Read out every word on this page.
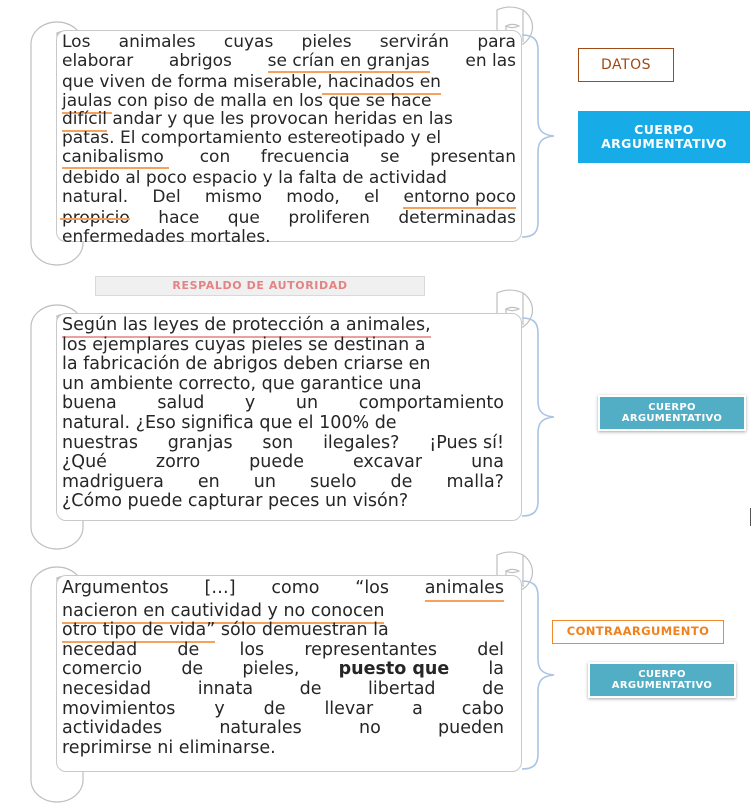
Los animales cuyas pieles servirán para
elaborar abrigos se crían en granjas en las
que viven de forma miserable, hacinados en
jaulas con piso de malla en los que se hace
difícil andar y que les provocan heridas en las
patas. El comportamiento estereotipado y el
canibalismo con frecuencia se presentan
debido al poco espacio y la falta de actividad
natural. Del mismo modo, el entorno poco
propicio hace que proliferen determinadas
enfermedades mortales.
DATOS
CUERPO
ARGUMENTATIVO
RESPALDO DE AUTORIDAD
Según las leyes de protección a animales,
los ejemplares cuyas pieles se destinan a
la fabricación de abrigos deben criarse en
un ambiente correcto, que garantice una
buena salud y un comportamiento
natural. ¿Eso significa que el 100% de
nuestras granjas son ilegales? ¡Pues sí!
¿Qué	zorro	puede	excavar	una
madriguera en un suelo de malla?
¿Cómo puede capturar peces un visón?
CUERPO
ARGUMENTATIVO
Argumentos […] como “los animales
nacieron en cautividad y no conocen
otro tipo de vida” sólo demuestran la
necedad de los representantes del
comercio de pieles, puesto que la
necesidad	innata	de	libertad	de
movimientos y de llevar a cabo
actividades	naturales	no	pueden
reprimirse ni eliminarse.
CONTRAARGUMENTO
CUERPO
ARGUMENTATIVO
